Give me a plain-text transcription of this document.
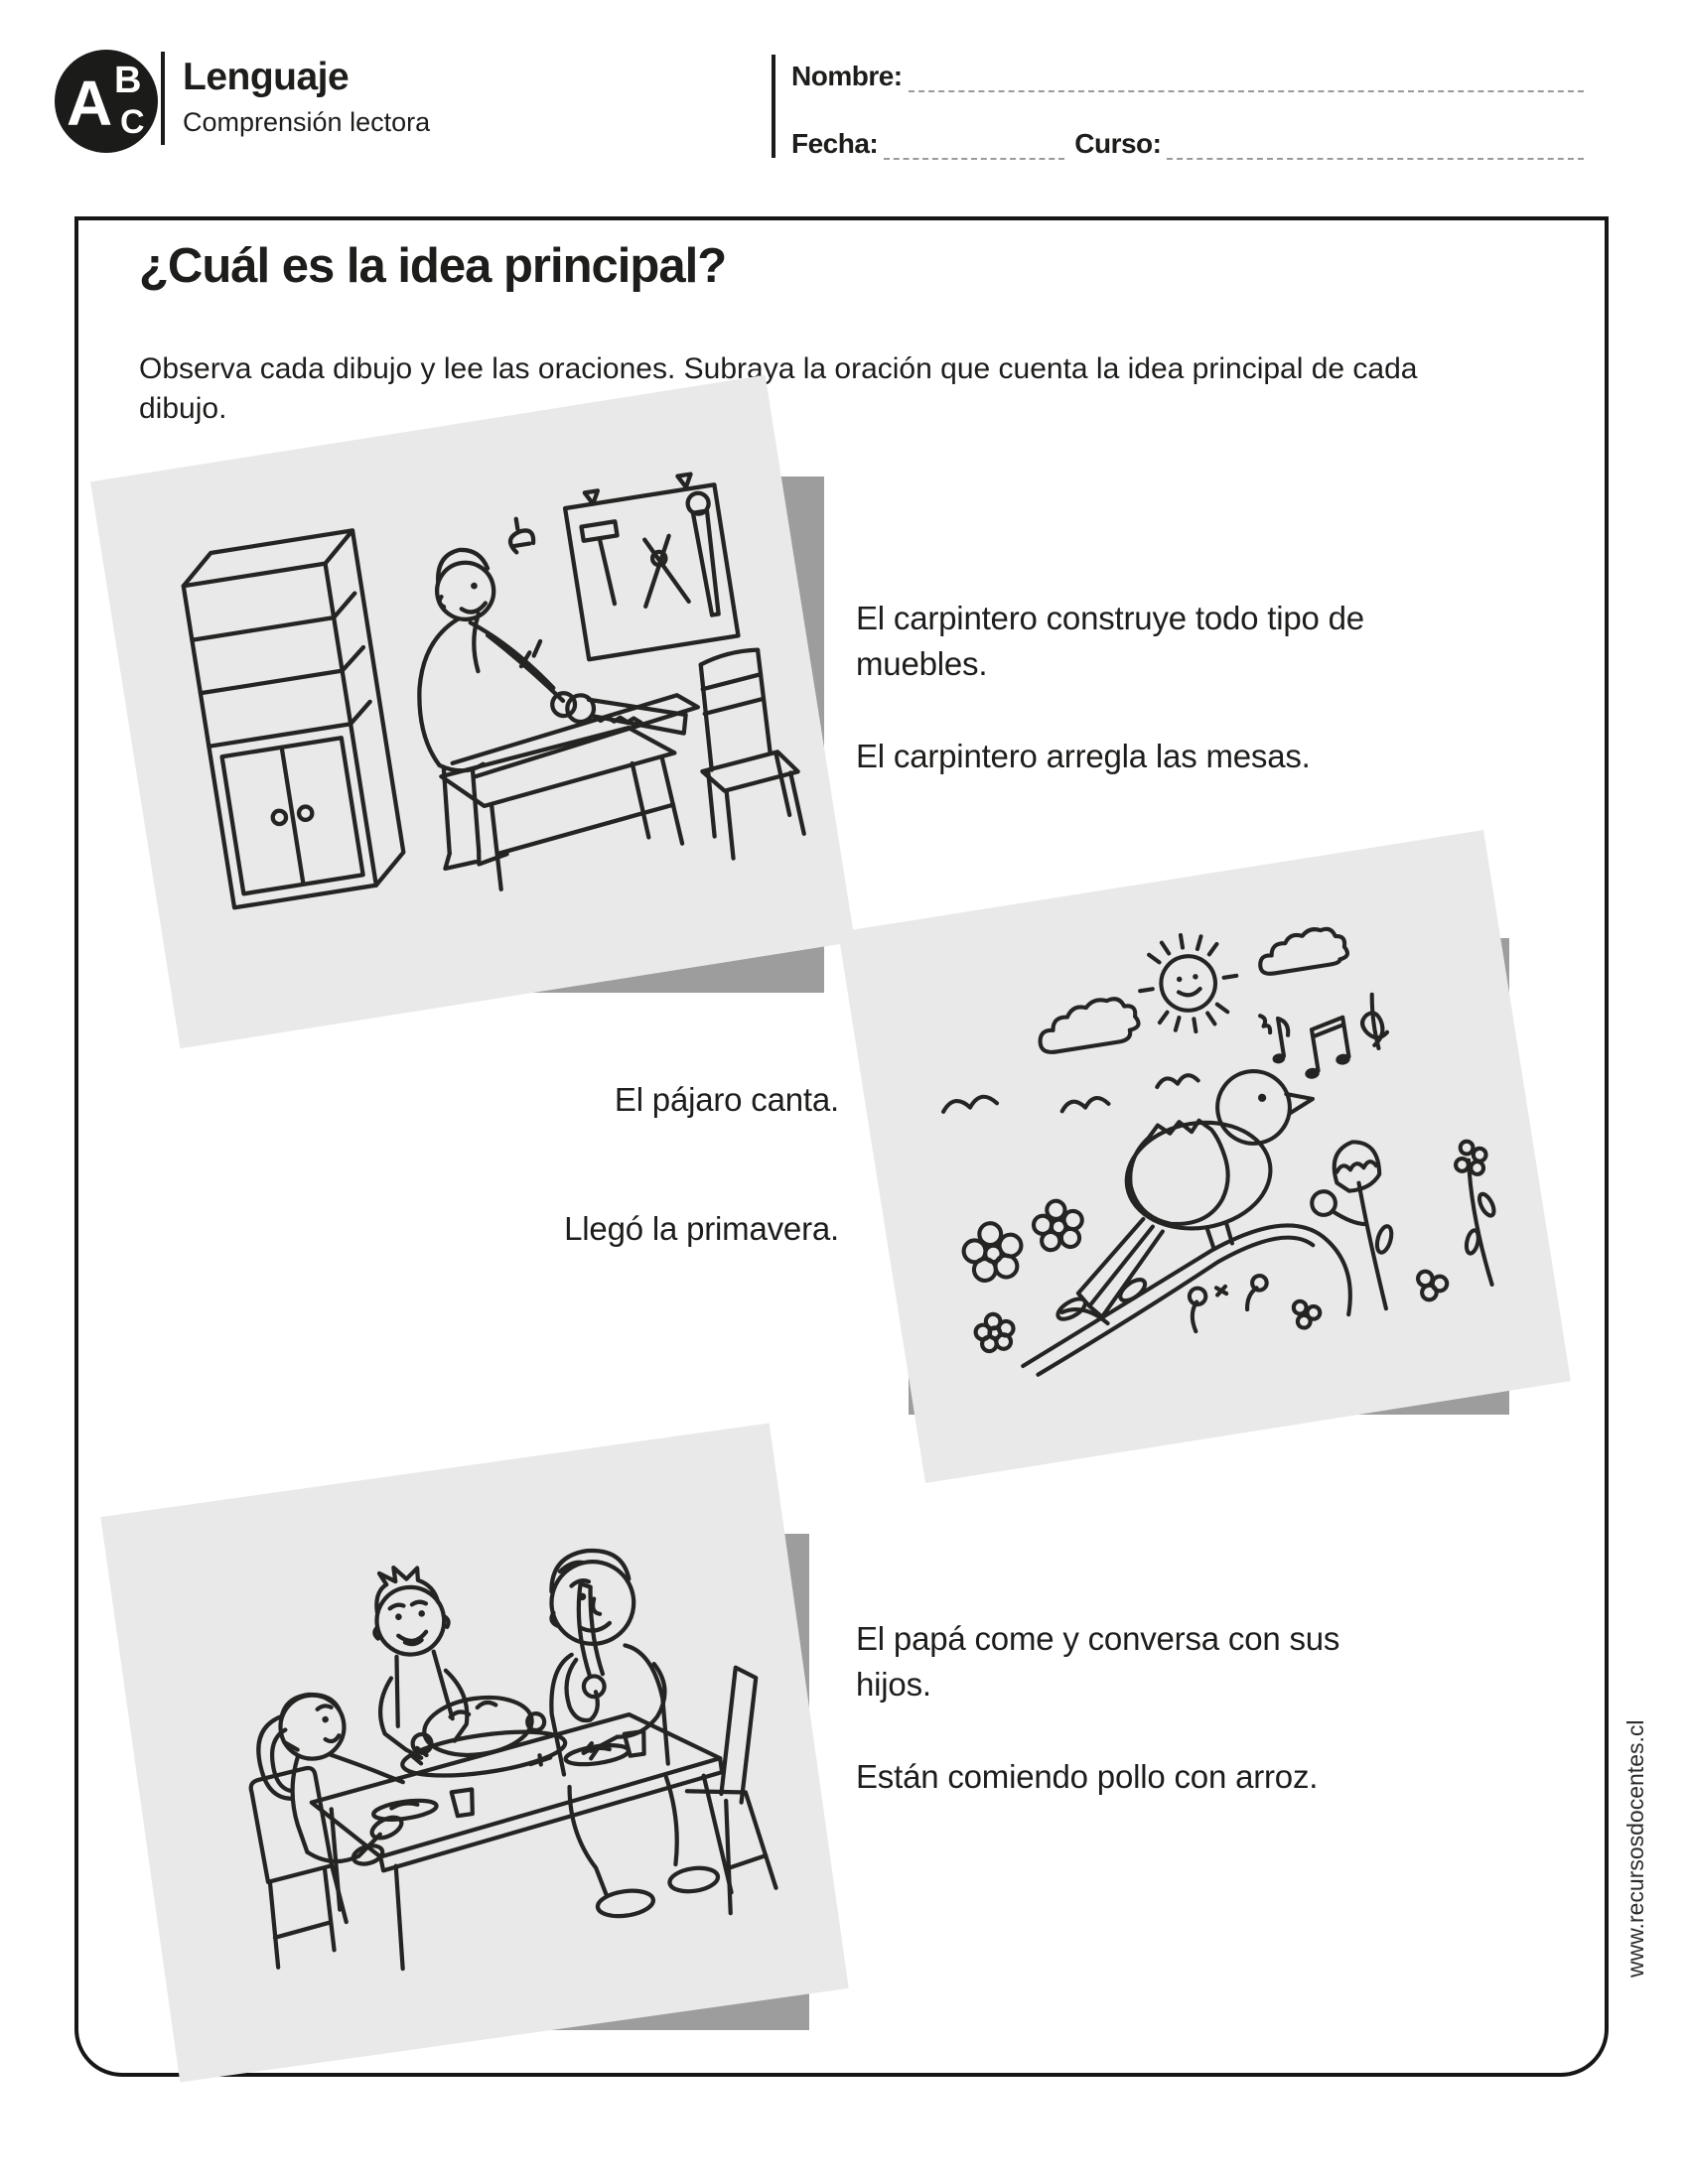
A B
C
Lenguaje
Comprensión lectora
Nombre:
Fecha:	Curso:
¿Cuál es la idea principal?
Observa cada dibujo y lee las oraciones. Subraya la oración que cuenta la idea principal de cada dibujo.

El carpintero construye todo tipo de muebles.

El carpintero arregla las mesas.

El pájaro canta.

Llegó la primavera.

El papá come y conversa con sus hijos.

Están comiendo pollo con arroz.	www.recursosdocentes.cl
